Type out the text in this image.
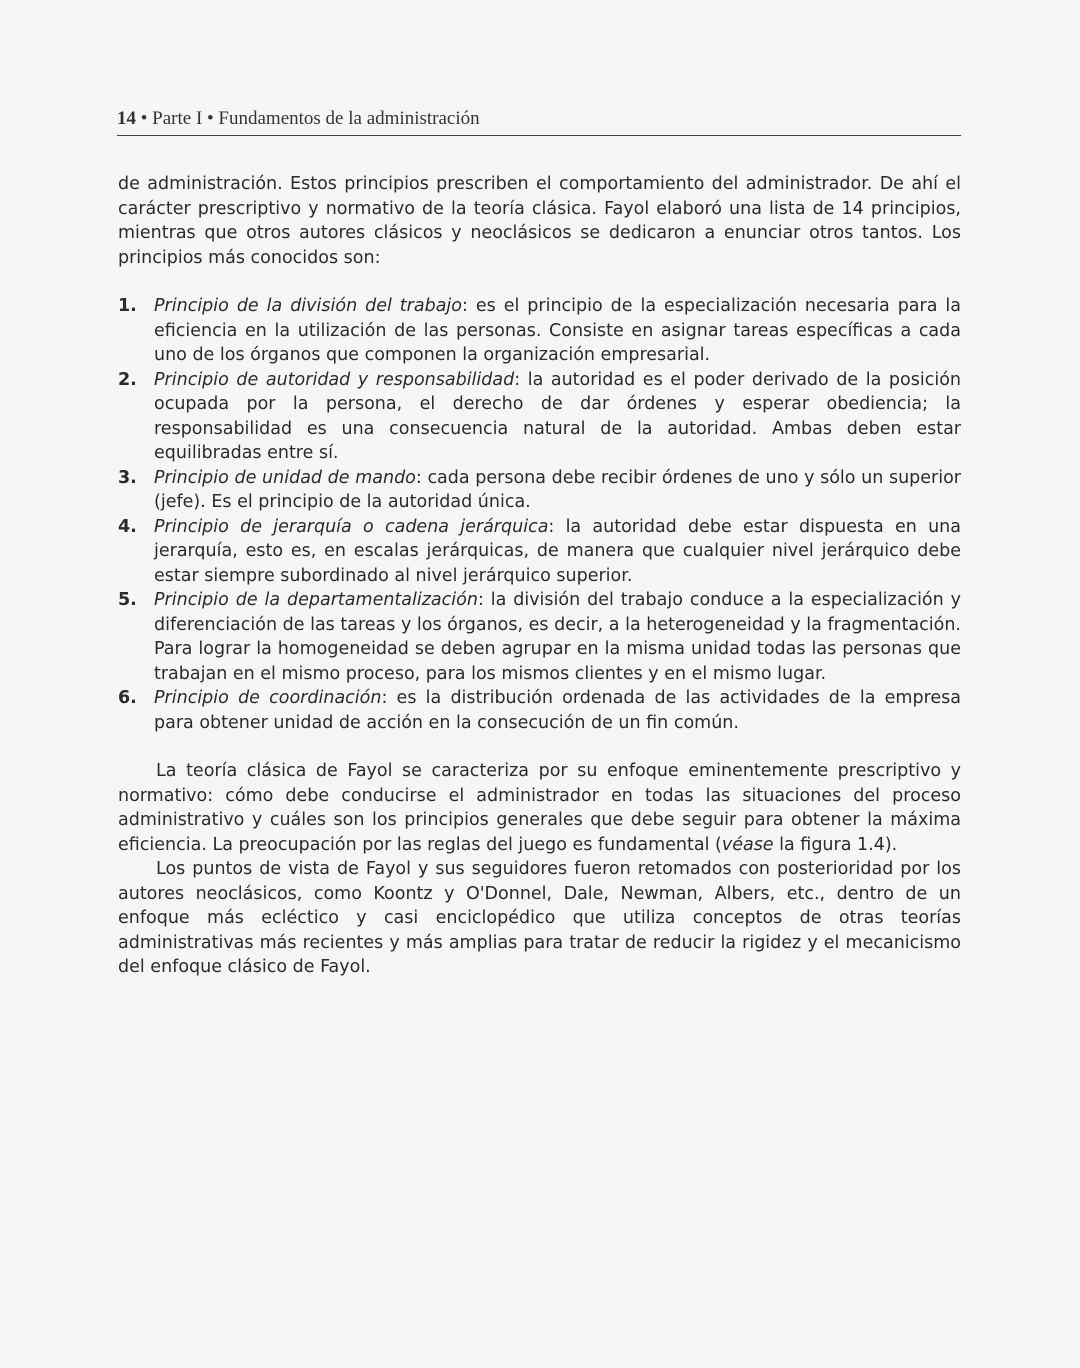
14 • Parte I • Fundamentos de la administración

de administración. Estos principios prescriben el comportamiento del administrador. De ahí el carácter prescriptivo y normativo de la teoría clásica. Fayol elaboró una lista de 14 principios, mientras que otros autores clásicos y neoclásicos se dedicaron a enunciar otros tantos. Los principios más conocidos son:

1. Principio de la división del trabajo: es el principio de la especialización necesaria para la eficiencia en la utilización de las personas. Consiste en asignar tareas específicas a cada uno de los órganos que componen la organización empresarial.
2. Principio de autoridad y responsabilidad: la autoridad es el poder derivado de la posición ocupada por la persona, el derecho de dar órdenes y esperar obediencia; la responsabilidad es una consecuencia natural de la autoridad. Ambas deben estar equilibradas entre sí.
3. Principio de unidad de mando: cada persona debe recibir órdenes de uno y sólo un superior (jefe). Es el principio de la autoridad única.
4. Principio de jerarquía o cadena jerárquica: la autoridad debe estar dispuesta en una jerarquía, esto es, en escalas jerárquicas, de manera que cualquier nivel jerárquico debe estar siempre subordinado al nivel jerárquico superior.
5. Principio de la departamentalización: la división del trabajo conduce a la especialización y diferenciación de las tareas y los órganos, es decir, a la heterogeneidad y la fragmentación. Para lograr la homogeneidad se deben agrupar en la misma unidad todas las personas que trabajan en el mismo proceso, para los mismos clientes y en el mismo lugar.
6. Principio de coordinación: es la distribución ordenada de las actividades de la empresa para obtener unidad de acción en la consecución de un fin común.

La teoría clásica de Fayol se caracteriza por su enfoque eminentemente prescriptivo y normativo: cómo debe conducirse el administrador en todas las situaciones del proceso administrativo y cuáles son los principios generales que debe seguir para obtener la máxima eficiencia. La preocupación por las reglas del juego es fundamental (véase la figura 1.4).

Los puntos de vista de Fayol y sus seguidores fueron retomados con posterioridad por los autores neoclásicos, como Koontz y O'Donnel, Dale, Newman, Albers, etc., dentro de un enfoque más ecléctico y casi enciclopédico que utiliza conceptos de otras teorías administrativas más recientes y más amplias para tratar de reducir la rigidez y el mecanicismo del enfoque clásico de Fayol.
